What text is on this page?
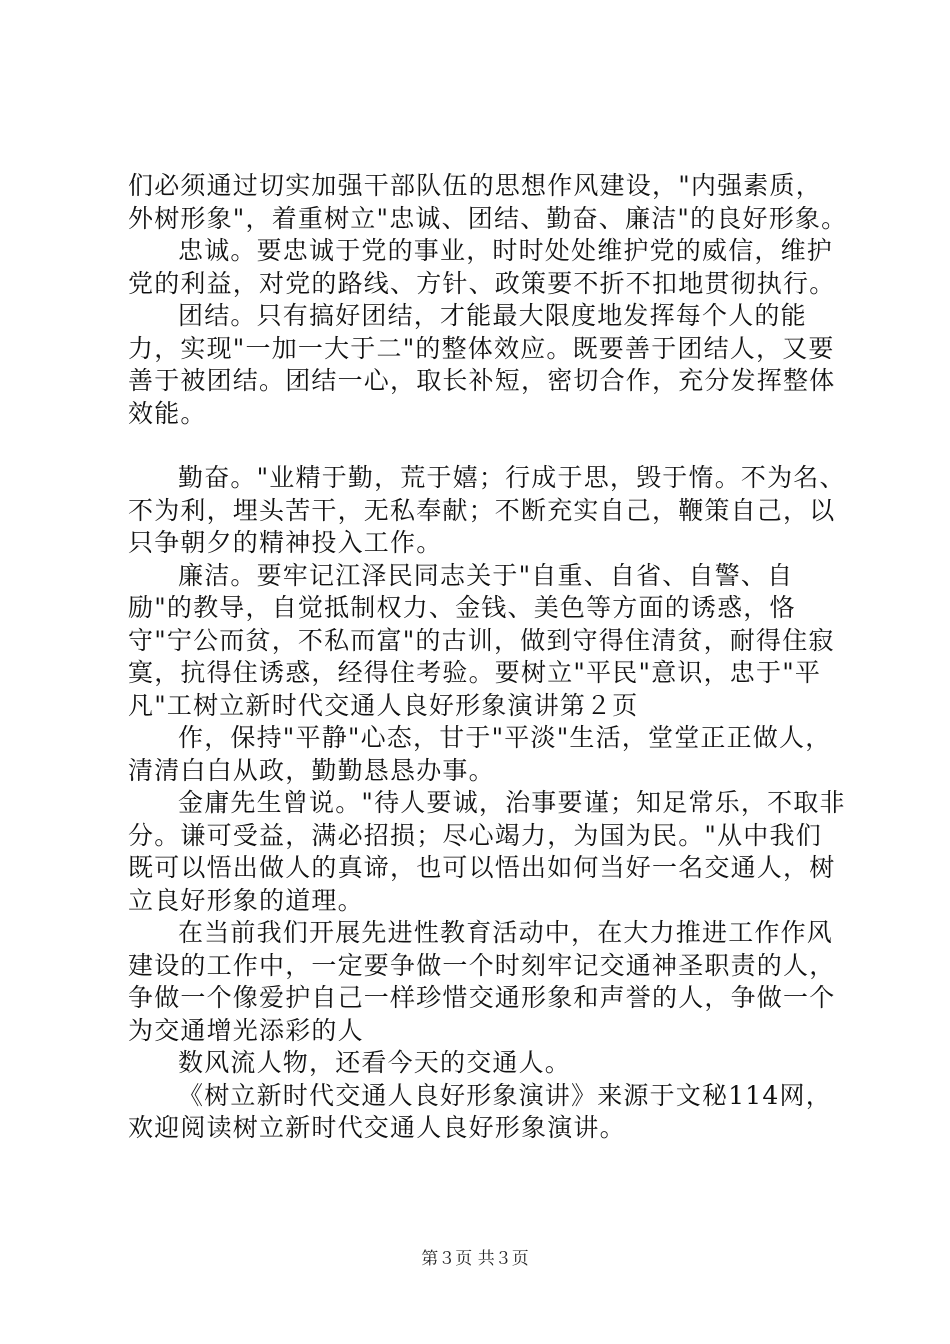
们必须通过切实加强干部队伍的思想作风建设，"内强素质，外树形象"，着重树立"忠诚、团结、勤奋、廉洁"的良好形象。

忠诚。要忠诚于党的事业，时时处处维护党的威信，维护党的利益，对党的路线、方针、政策要不折不扣地贯彻执行。

团结。只有搞好团结，才能最大限度地发挥每个人的能力，实现"一加一大于二"的整体效应。既要善于团结人，又要善于被团结。团结一心，取长补短，密切合作，充分发挥整体效能。

勤奋。"业精于勤，荒于嬉；行成于思，毁于惰。不为名、不为利，埋头苦干，无私奉献；不断充实自己，鞭策自己，以只争朝夕的精神投入工作。

廉洁。要牢记江泽民同志关于"自重、自省、自警、自励"的教导，自觉抵制权力、金钱、美色等方面的诱惑，恪守"宁公而贫，不私而富"的古训，做到守得住清贫，耐得住寂寞，抗得住诱惑，经得住考验。要树立"平民"意识，忠于"平凡"工树立新时代交通人良好形象演讲第２页

作，保持"平静"心态，甘于"平淡"生活，堂堂正正做人，清清白白从政，勤勤恳恳办事。

金庸先生曾说。"待人要诚，治事要谨；知足常乐，不取非分。谦可受益，满必招损；尽心竭力，为国为民。"从中我们既可以悟出做人的真谛，也可以悟出如何当好一名交通人，树立良好形象的道理。

在当前我们开展先进性教育活动中，在大力推进工作作风建设的工作中，一定要争做一个时刻牢记交通神圣职责的人，争做一个像爱护自己一样珍惜交通形象和声誉的人，争做一个为交通增光添彩的人

数风流人物，还看今天的交通人。

《树立新时代交通人良好形象演讲》来源于文秘114网，欢迎阅读树立新时代交通人良好形象演讲。

第３页 共３页
